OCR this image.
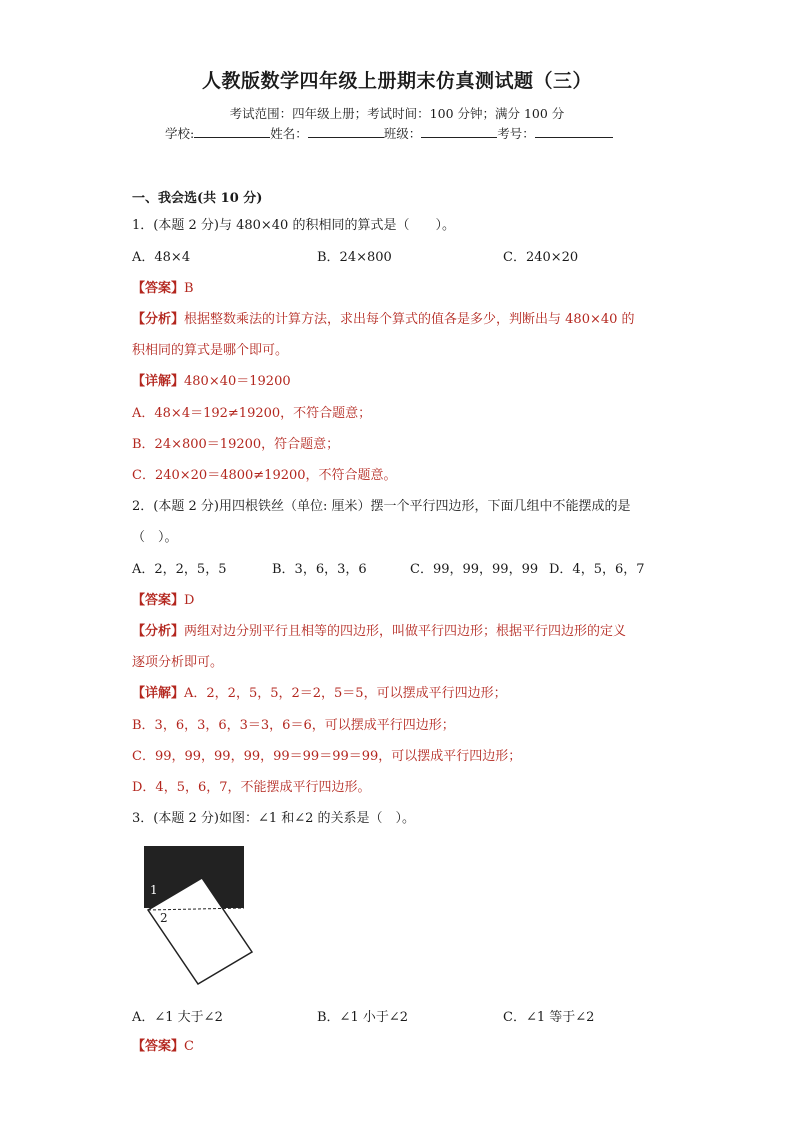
人教版数学四年级上册期末仿真测试题（三）
考试范围：四年级上册；考试时间：100 分钟；满分 100 分
学校:	姓名：	班级：	考号：
一、我会选(共 10 分)
1．(本题 2 分)与 480×40 的积相同的算式是（　　）。
A．48×4	B．24×800	C．240×20
【答案】B
【分析】根据整数乘法的计算方法，求出每个算式的值各是多少，判断出与 480×40 的
积相同的算式是哪个即可。
【详解】480×40＝19200
A．48×4＝192≠19200，不符合题意；
B．24×800＝19200，符合题意；
C．240×20＝4800≠19200，不符合题意。
2．(本题 2 分)用四根铁丝（单位: 厘米）摆一个平行四边形，下面几组中不能摆成的是
（　）。
A．2，2，5，5	B．3，6，3，6	C．99，99，99，99 D．4，5，6，7
【答案】D
【分析】两组对边分别平行且相等的四边形，叫做平行四边形；根据平行四边形的定义
逐项分析即可。
【详解】A．2，2，5，5，2＝2，5＝5，可以摆成平行四边形；
B．3，6，3，6，3＝3，6＝6，可以摆成平行四边形；
C．99，99，99，99，99＝99＝99＝99，可以摆成平行四边形；
D．4，5，6，7，不能摆成平行四边形。
3．(本题 2 分)如图：∠1 和∠2 的关系是（　）。
1
2
A．∠1 大于∠2	B．∠1 小于∠2	C．∠1 等于∠2
【答案】C
